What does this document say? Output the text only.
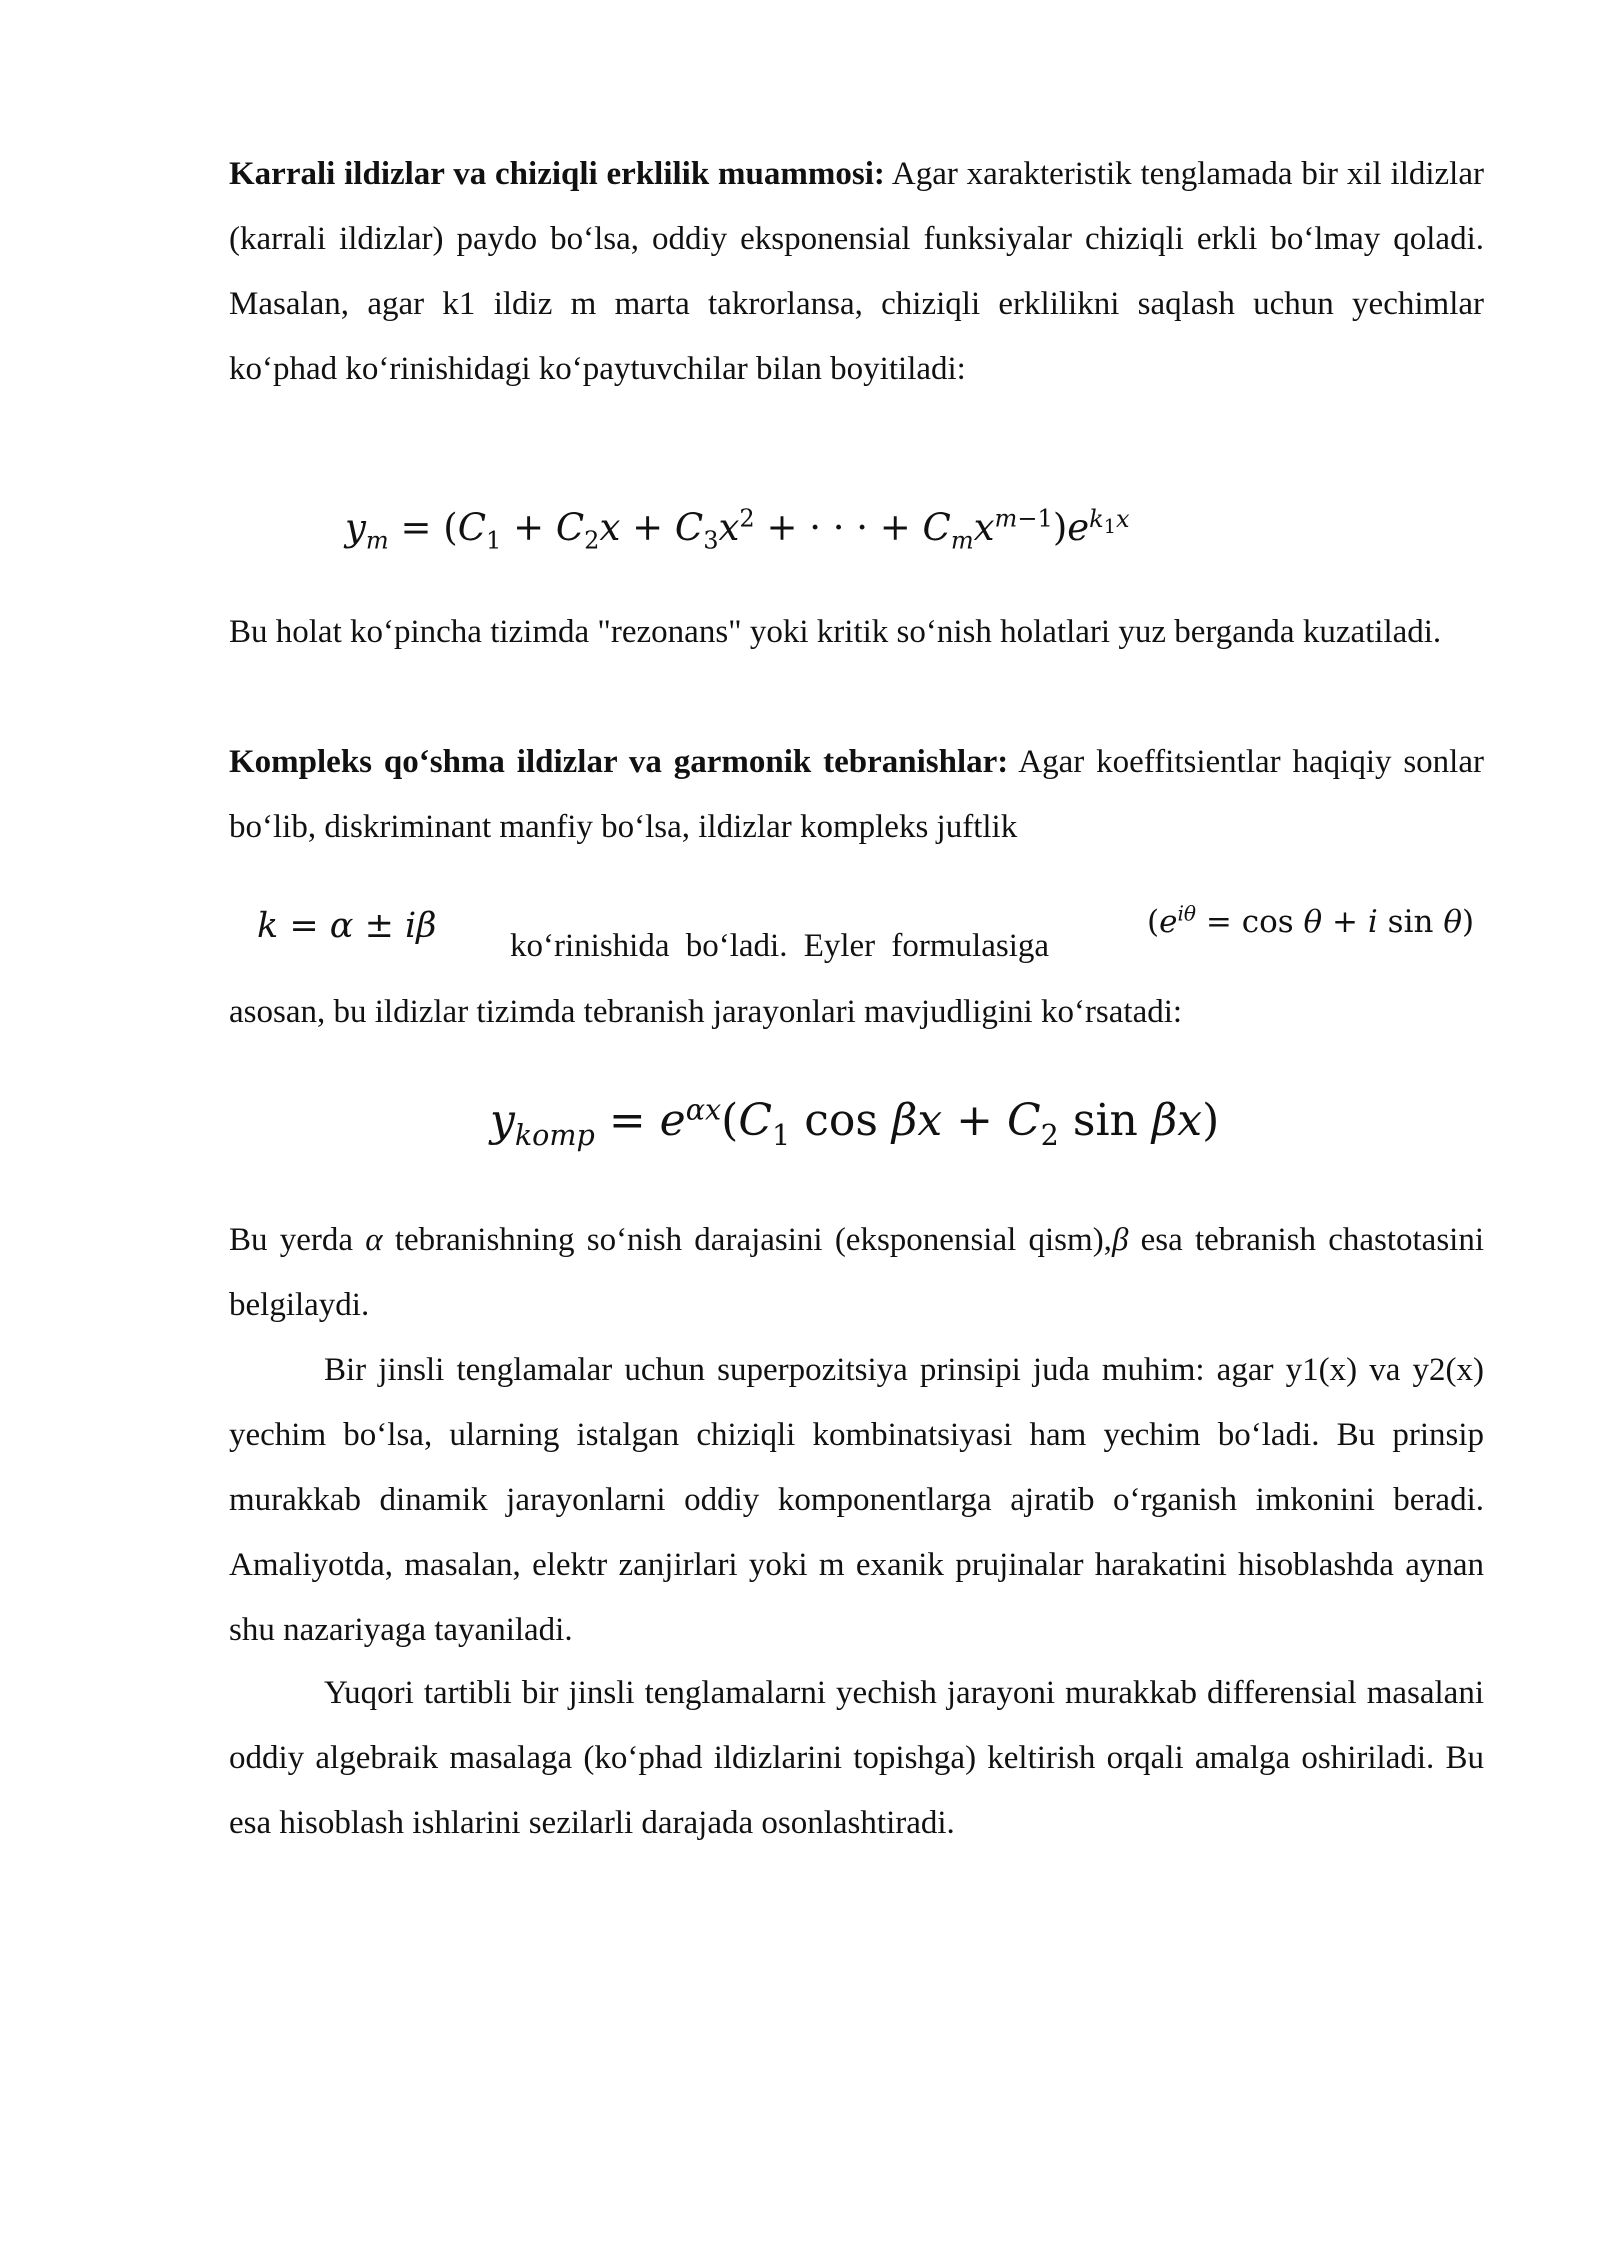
Karrali ildizlar va chiziqli erklilik muammosi: Agar xarakteristik tenglamada bir xil ildizlar (karrali ildizlar) paydo bo‘lsa, oddiy eksponensial funksiyalar chiziqli erkli bo‘lmay qoladi. Masalan, agar k1 ildiz m marta takrorlansa, chiziqli erklilikni saqlash uchun yechimlar ko‘phad ko‘rinishidagi ko‘paytuvchilar bilan boyitiladi:

$y_m = (C_1 + C_2x + C_3x^2$ + · · · + $C_mx^{m-1})e^{k_1x}$

Bu holat ko‘pincha tizimda "rezonans" yoki kritik so‘nish holatlari yuz berganda kuzatiladi.

Kompleks qo‘shma ildizlar va garmonik tebranishlar: Agar koeffitsientlar haqiqiy sonlar bo‘lib, diskriminant manfiy bo‘lsa, ildizlar kompleks juftlik

k = α ± iβ ko‘rinishida bo‘ladi. Eyler formulasiga
($e^{i\theta} = \cos \theta + i$ sin θ)
asosan, bu ildizlar tizimda tebranish jarayonlari mavjudligini ko‘rsatadi:
$y_{komp} = e^{\alpha x}(C_1$ $\cos \beta x + C_2$ sin βx)

Bu yerda α tebranishning so‘nish darajasini (eksponensial qism),β esa tebranish chastotasini belgilaydi.

Bir jinsli tenglamalar uchun superpozitsiya prinsipi juda muhim: agar y1(x) va y2(x) yechim bo‘lsa, ularning istalgan chiziqli kombinatsiyasi ham yechim bo‘ladi. Bu prinsip murakkab dinamik jarayonlarni oddiy komponentlarga ajratib o‘rganish imkonini beradi. Amaliyotda, masalan, elektr zanjirlari yoki m exanik prujinalar harakatini hisoblashda aynan shu nazariyaga tayaniladi.

Yuqori tartibli bir jinsli tenglamalarni yechish jarayoni murakkab differensial masalani oddiy algebraik masalaga (ko‘phad ildizlarini topishga) keltirish orqali amalga oshiriladi. Bu esa hisoblash ishlarini sezilarli darajada osonlashtiradi.
